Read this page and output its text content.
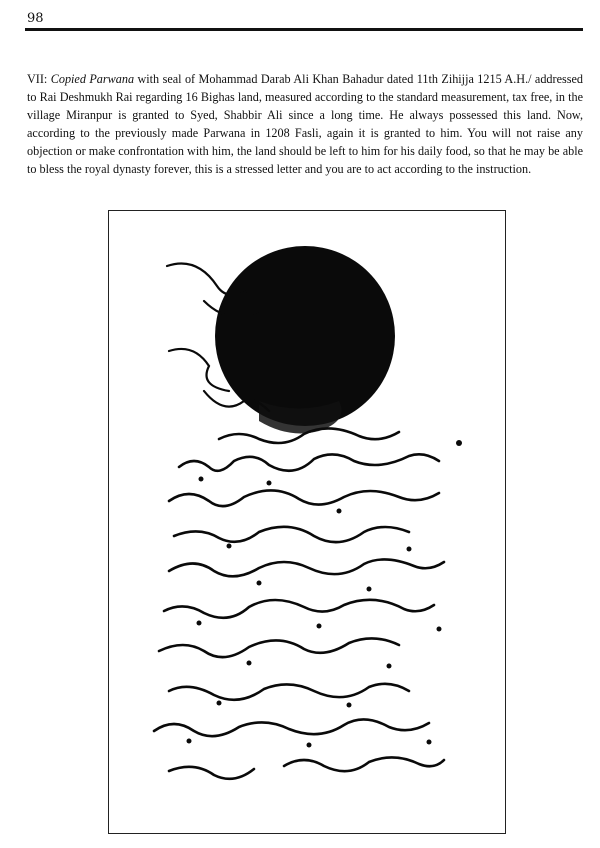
98

VII: Copied Parwana with seal of Mohammad Darab Ali Khan Bahadur dated 11th Zihijja 1215 A.H./ addressed to Rai Deshmukh Rai regarding 16 Bighas land, measured according to the standard measurement, tax free, in the village Miranpur is granted to Syed, Shabbir Ali since a long time. He always possessed this land. Now, according to the previously made Parwana in 1208 Fasli, again it is granted to him. You will not raise any objection or make confrontation with him, the land should be left to him for his daily food, so that he may be able to bless the royal dynasty forever, this is a stressed letter and you are to act according to the instruction.
